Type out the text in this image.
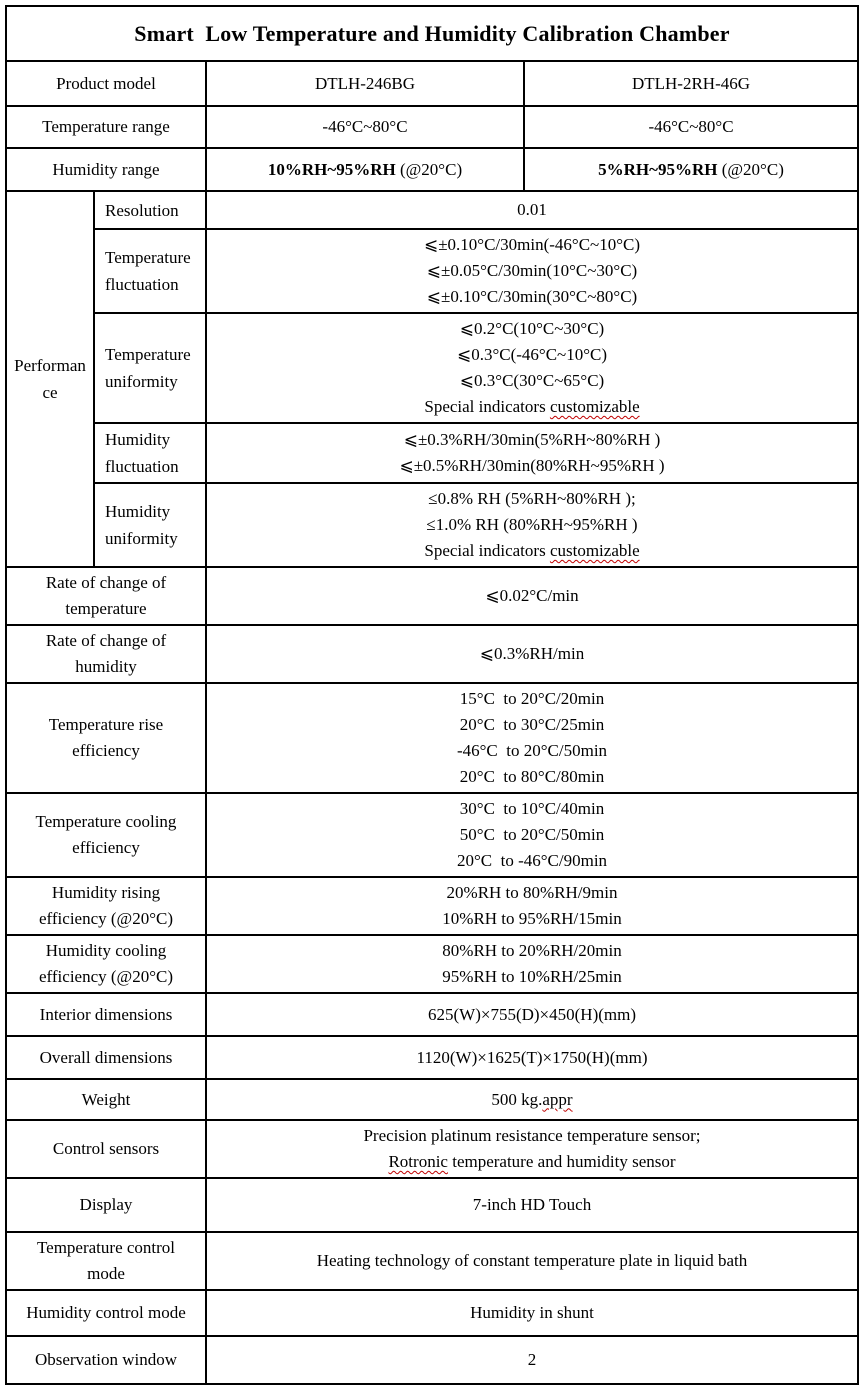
Smart  Low Temperature and Humidity Calibration Chamber			
Product model		DTLH-246BG	DTLH-2RH-46G
Temperature range		-46°C~80°C	-46°C~80°C
Humidity range		10%RH~95%RH (@20°C)	5%RH~95%RH (@20°C)
Performance	Resolution	0.01	
	Temperature fluctuation	⩽±0.10°C/30min(-46°C~10°C)
⩽±0.05°C/30min(10°C~30°C)
⩽±0.10°C/30min(30°C~80°C)	

	Temperature uniformity	⩽0.2°C(10°C~30°C)
⩽0.3°C(-46°C~10°C)
⩽0.3°C(30°C~65°C)
Special indicators customizable	

	Humidity fluctuation	⩽±0.3%RH/30min(5%RH~80%RH )
⩽±0.5%RH/30min(80%RH~95%RH )	

	Humidity uniformity	≤0.8% RH (5%RH~80%RH );
≤1.0% RH (80%RH~95%RH )
Special indicators customizable	

Rate of change of temperature		⩽0.02°C/min	
Rate of change of humidity		⩽0.3%RH/min	
Temperature rise efficiency		15°C  to 20°C/20min
20°C  to 30°C/25min
-46°C  to 20°C/50min
20°C  to 80°C/80min	

Temperature cooling efficiency		30°C  to 10°C/40min
50°C  to 20°C/50min
20°C  to -46°C/90min	

Humidity rising efficiency (@20°C)		20%RH to 80%RH/9min
10%RH to 95%RH/15min	

Humidity cooling efficiency (@20°C)		80%RH to 20%RH/20min
95%RH to 10%RH/25min	

Interior dimensions		625(W)×755(D)×450(H)(mm)	
Overall dimensions		1120(W)×1625(T)×1750(H)(mm)	
Weight		500 kg.appr	
Control sensors		Precision platinum resistance temperature sensor;
Rotronic temperature and humidity sensor	

Display		7-inch HD Touch	
Temperature control mode		Heating technology of constant temperature plate in liquid bath	
Humidity control mode		Humidity in shunt	
Observation window		2	
